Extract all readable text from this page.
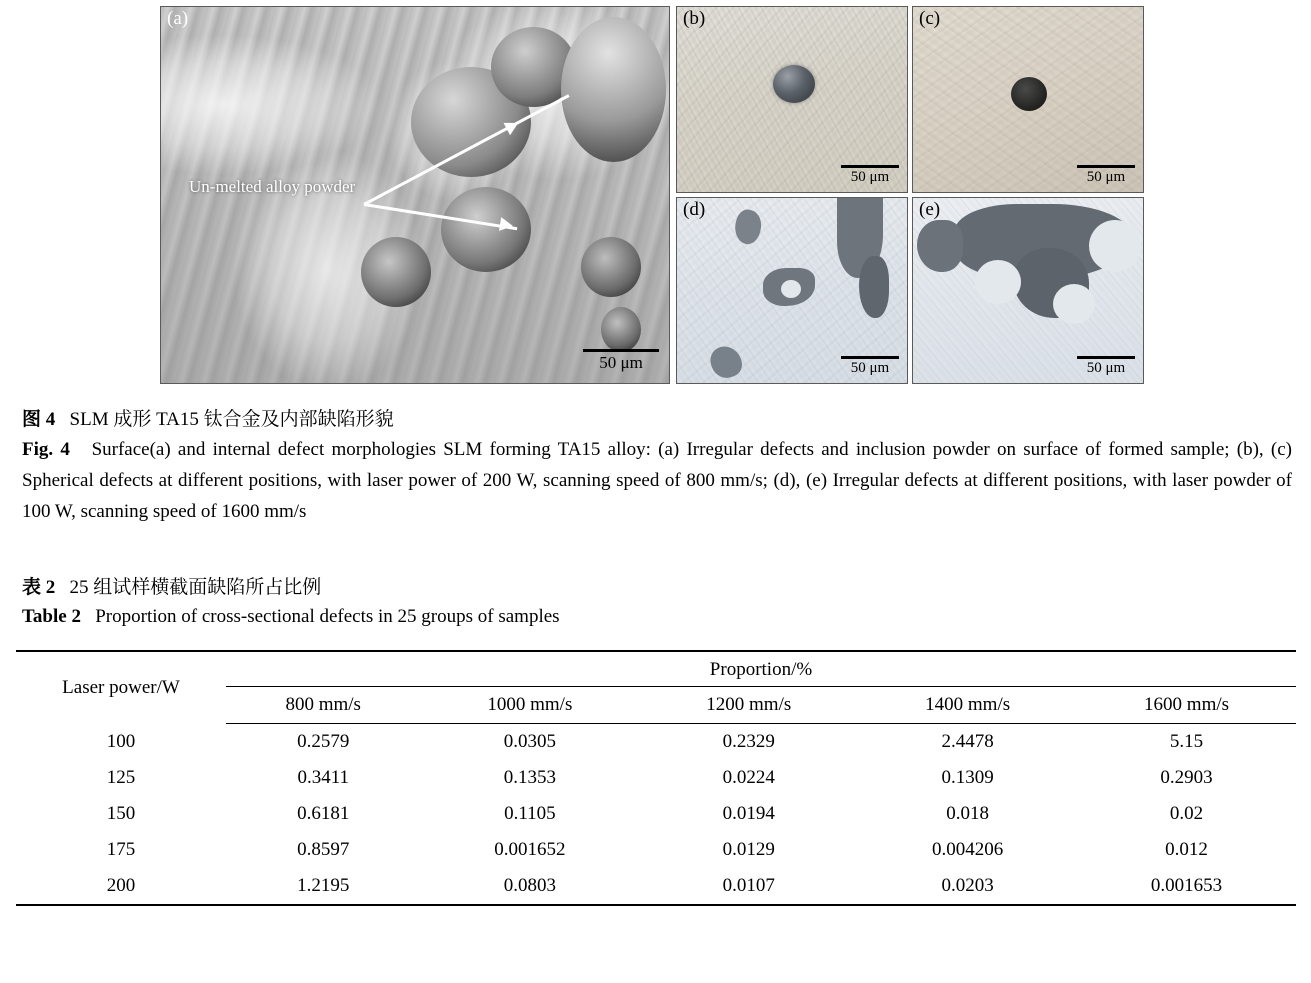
Un-melted alloy powder
(a)
50 μm
(b)
50 μm
(c)
50 μm
(d)
50 μm
(e)
50 μm
图 4 SLM 成形 TA15 钛合金及内部缺陷形貌
Fig. 4 Surface(a) and internal defect morphologies SLM forming TA15 alloy: (a) Irregular defects and inclusion powder on surface of formed sample; (b), (c) Spherical defects at different positions, with laser power of 200 W, scanning speed of 800 mm/s; (d), (e) Irregular defects at different positions, with laser powder of 100 W, scanning speed of 1600 mm/s
表 2 25 组试样横截面缺陷所占比例
Table 2 Proportion of cross-sectional defects in 25 groups of samples
Laser power/W	Proportion/%				
	800 mm/s	1000 mm/s	1200 mm/s	1400 mm/s	1600 mm/s
100	0.2579	0.0305	0.2329	2.4478	5.15
125	0.3411	0.1353	0.0224	0.1309	0.2903
150	0.6181	0.1105	0.0194	0.018	0.02
175	0.8597	0.001652	0.0129	0.004206	0.012
200	1.2195	0.0803	0.0107	0.0203	0.001653
